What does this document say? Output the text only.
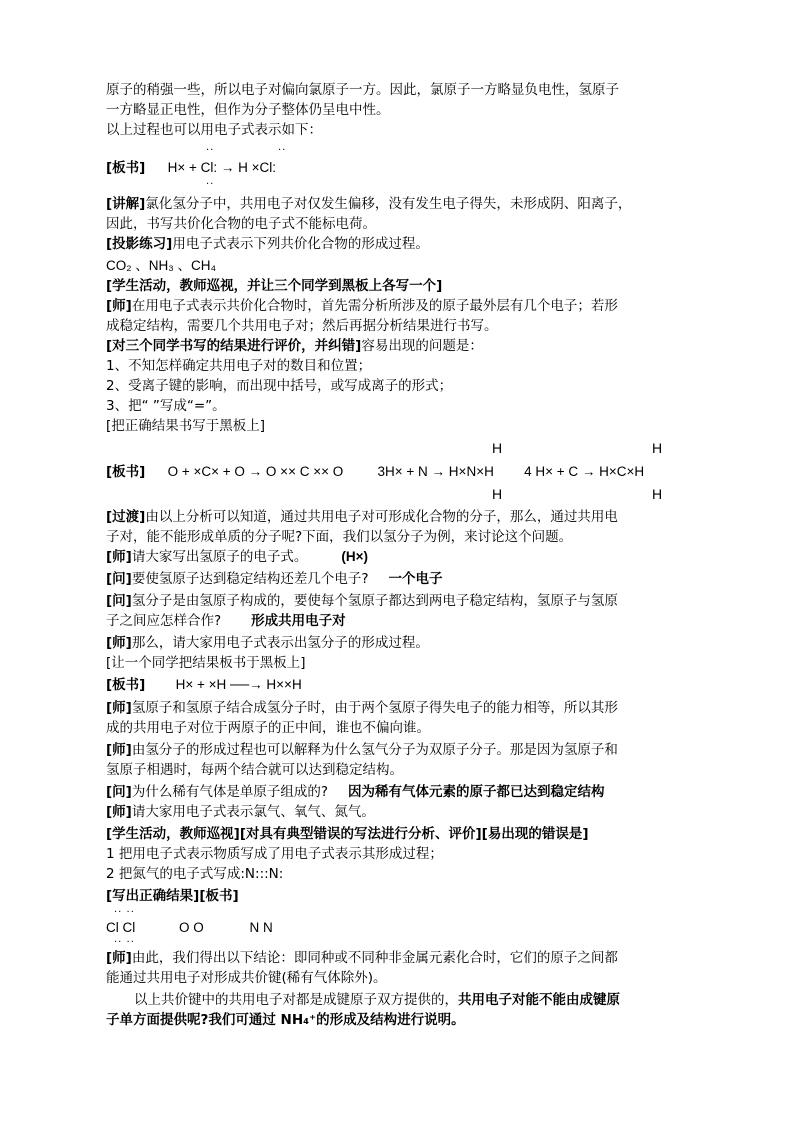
原子的稍强一些，所以电子对偏向氯原子一方。因此，氯原子一方略显负电性，氢原子
一方略显正电性，但作为分子整体仍呈电中性。
以上过程也可以用电子式表示如下：
··	··
[板书] H× + Cl: → H ×Cl:
··
[讲解]氯化氢分子中，共用电子对仅发生偏移，没有发生电子得失，未形成阴、阳离子，
因此，书写共价化合物的电子式不能标电荷。
[投影练习]用电子式表示下列共价化合物的形成过程。
CO₂ 、NH₃ 、CH₄
[学生活动，教师巡视，并让三个同学到黑板上各写一个]
[师]在用电子式表示共价化合物时，首先需分析所涉及的原子最外层有几个电子；若形
成稳定结构，需要几个共用电子对；然后再据分析结果进行书写。
[对三个同学书写的结果进行评价，并纠错]容易出现的问题是：
1、不知怎样确定共用电子对的数目和位置；
2、受离子键的影响，而出现中括号，或写成离子的形式；
3、把“ ”写成“=”。
[把正确结果书写于黑板上]
H	H
[板书] O + ×C× + O → O ×× C ×× O	3H× + N → H×N×H 4 H× + C → H×C×H
H	H
[过渡]由以上分析可以知道，通过共用电子对可形成化合物的分子，那么，通过共用电
子对，能不能形成单质的分子呢?下面，我们以氢分子为例，来讨论这个问题。
[师]请大家写出氢原子的电子式。	(H×)
[问]要使氢原子达到稳定结构还差几个电子? 一个电子
[问]氢分子是由氢原子构成的，要使每个氢原子都达到两电子稳定结构，氢原子与氢原
子之间应怎样合作? 形成共用电子对
[师]那么，请大家用电子式表示出氢分子的形成过程。
[让一个同学把结果板书于黑板上]
[板书] H× + ×H ──→ H××H
[师]氢原子和氢原子结合成氢分子时，由于两个氢原子得失电子的能力相等，所以其形
成的共用电子对位于两原子的正中间，谁也不偏向谁。
[师]由氢分子的形成过程也可以解释为什么氢气分子为双原子分子。那是因为氢原子和
氢原子相遇时，每两个结合就可以达到稳定结构。
[问]为什么稀有气体是单原子组成的? 因为稀有气体元素的原子都已达到稳定结构
[师]请大家用电子式表示氯气、氧气、氮气。
[学生活动，教师巡视][对具有典型错误的写法进行分析、评价][易出现的错误是]
1 把用电子式表示物质写成了用电子式表示其形成过程；
2 把氮气的电子式写成:N:::N:
[写出正确结果][板书]
·· ··
Cl Cl	O O	N N
·· ··
[师]由此，我们得出以下结论：即同种或不同种非金属元素化合时，它们的原子之间都
能通过共用电子对形成共价键(稀有气体除外)。
以上共价键中的共用电子对都是成键原子双方提供的，共用电子对能不能由成键原
子单方面提供呢?我们可通过 NH₄⁺的形成及结构进行说明。
